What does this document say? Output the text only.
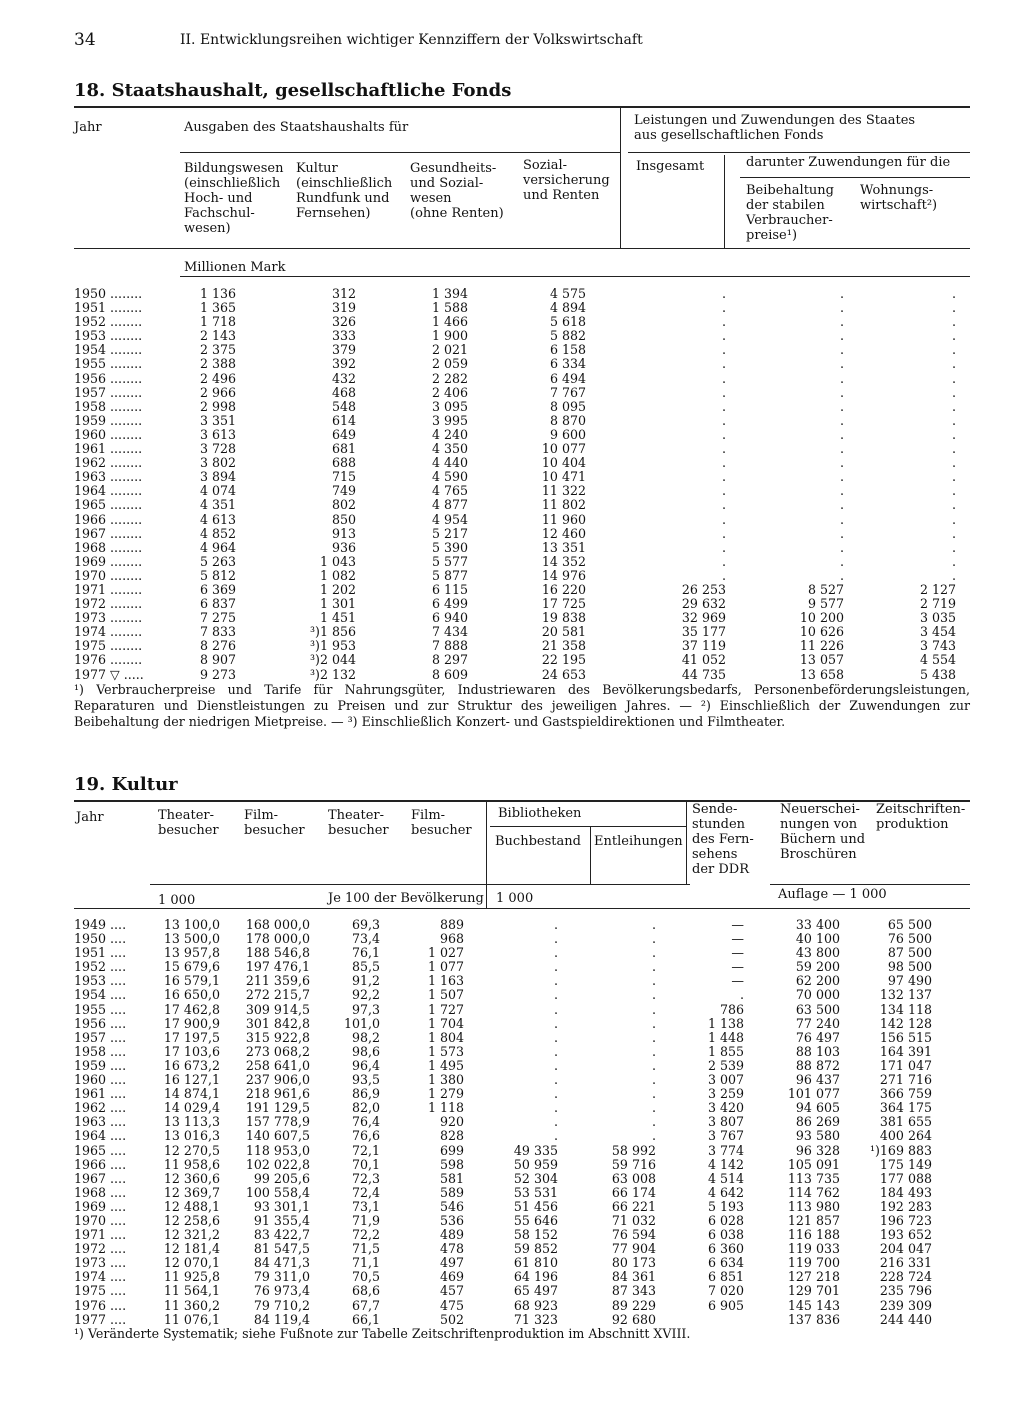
34	II. Entwicklungsreihen wichtiger Kennziffern der Volkswirtschaft
18. Staatshaushalt, gesellschaftliche Fonds
Jahr	Ausgaben des Staatshaushalts für	Leistungen und Zuwendungen des Staates
aus gesellschaftlichen Fonds
Bildungswesen
(einschließlich
Hoch- und
Fachschul-
wesen)
Kultur
(einschließlich
Rundfunk und
Fernsehen)
Gesundheits-
und Sozial-
wesen
(ohne Renten)
Sozial-
versicherung
und Renten
Insgesamt	darunter Zuwendungen für die
Beibehaltung
der stabilen
Verbraucher-
preise¹)
Wohnungs-
wirtschaft²)
Millionen Mark
1950 ........	1 136	312	1 394	4 575	.	.	.
1951 ........	1 365	319	1 588	4 894	.	.	.
1952 ........	1 718	326	1 466	5 618	.	.	.
1953 ........	2 143	333	1 900	5 882	.	.	.
1954 ........	2 375	379	2 021	6 158	.	.	.
1955 ........	2 388	392	2 059	6 334	.	.	.
1956 ........	2 496	432	2 282	6 494	.	.	.
1957 ........	2 966	468	2 406	7 767	.	.	.
1958 ........	2 998	548	3 095	8 095	.	.	.
1959 ........	3 351	614	3 995	8 870	.	.	.
1960 ........	3 613	649	4 240	9 600	.	.	.
1961 ........	3 728	681	4 350	10 077	.	.	.
1962 ........	3 802	688	4 440	10 404	.	.	.
1963 ........	3 894	715	4 590	10 471	.	.	.
1964 ........	4 074	749	4 765	11 322	.	.	.
1965 ........	4 351	802	4 877	11 802	.	.	.
1966 ........	4 613	850	4 954	11 960	.	.	.
1967 ........	4 852	913	5 217	12 460	.	.	.
1968 ........	4 964	936	5 390	13 351	.	.	.
1969 ........	5 263	1 043	5 577	14 352	.	.	.
1970 ........	5 812	1 082	5 877	14 976	.	.	.
1971 ........	6 369	1 202	6 115	16 220	26 253	8 527	2 127
1972 ........	6 837	1 301	6 499	17 725	29 632	9 577	2 719
1973 ........	7 275	1 451	6 940	19 838	32 969	10 200	3 035
1974 ........	7 833	³)1 856	7 434	20 581	35 177	10 626	3 454
1975 ........	8 276	³)1 953	7 888	21 358	37 119	11 226	3 743
1976 ........	8 907	³)2 044	8 297	22 195	41 052	13 057	4 554
1977 ▽ .....	9 273	³)2 132	8 609	24 653	44 735	13 658	5 438

¹) Verbraucherpreise und Tarife für Nahrungsgüter, Industriewaren des Bevölkerungsbedarfs, Personenbeförderungsleistungen, Reparaturen und Dienstleistungen zu Preisen und zur Struktur des jeweiligen Jahres. — ²) Einschließlich der Zuwendungen zur Beibehaltung der niedrigen Mietpreise. — ³) Einschließlich Konzert- und Gastspieldirektionen und Filmtheater.

19. Kultur
Jahr	Theater-
besucher
Film-
besucher
Theater-
besucher
Film-
besucher
Bibliotheken
Buchbestand Entleihungen
Sende-
stunden
des Fern-
sehens
der DDR
Neuerschei-
nungen von
Büchern und
Broschüren
Zeitschriften-
produktion
1 000	Je 100 der Bevölkerung 1 000	Auflage — 1 000
1949 ....	13 100,0	168 000,0	69,3	889	.	.	—	33 400	65 500
1950 ....	13 500,0	178 000,0	73,4	968	.	.	—	40 100	76 500
1951 ....	13 957,8	188 546,8	76,1	1 027	.	.	—	43 800	87 500
1952 ....	15 679,6	197 476,1	85,5	1 077	.	.	—	59 200	98 500
1953 ....	16 579,1	211 359,6	91,2	1 163	.	.	—	62 200	97 490
1954 ....	16 650,0	272 215,7	92,2	1 507	.	.	.	70 000	132 137
1955 ....	17 462,8	309 914,5	97,3	1 727	.	.	786	63 500	134 118
1956 ....	17 900,9	301 842,8	101,0	1 704	.	.	1 138	77 240	142 128
1957 ....	17 197,5	315 922,8	98,2	1 804	.	.	1 448	76 497	156 515
1958 ....	17 103,6	273 068,2	98,6	1 573	.	.	1 855	88 103	164 391
1959 ....	16 673,2	258 641,0	96,4	1 495	.	.	2 539	88 872	171 047
1960 ....	16 127,1	237 906,0	93,5	1 380	.	.	3 007	96 437	271 716
1961 ....	14 874,1	218 961,6	86,9	1 279	.	.	3 259	101 077	366 759
1962 ....	14 029,4	191 129,5	82,0	1 118	.	.	3 420	94 605	364 175
1963 ....	13 113,3	157 778,9	76,4	920	.	.	3 807	86 269	381 655
1964 ....	13 016,3	140 607,5	76,6	828	.	.	3 767	93 580	400 264
1965 ....	12 270,5	118 953,0	72,1	699	49 335	58 992	3 774	96 328	¹)169 883
1966 ....	11 958,6	102 022,8	70,1	598	50 959	59 716	4 142	105 091	175 149
1967 ....	12 360,6	99 205,6	72,3	581	52 304	63 008	4 514	113 735	177 088
1968 ....	12 369,7	100 558,4	72,4	589	53 531	66 174	4 642	114 762	184 493
1969 ....	12 488,1	93 301,1	73,1	546	51 456	66 221	5 193	113 980	192 283
1970 ....	12 258,6	91 355,4	71,9	536	55 646	71 032	6 028	121 857	196 723
1971 ....	12 321,2	83 422,7	72,2	489	58 152	76 594	6 038	116 188	193 652
1972 ....	12 181,4	81 547,5	71,5	478	59 852	77 904	6 360	119 033	204 047
1973 ....	12 070,1	84 471,3	71,1	497	61 810	80 173	6 634	119 700	216 331
1974 ....	11 925,8	79 311,0	70,5	469	64 196	84 361	6 851	127 218	228 724
1975 ....	11 564,1	76 973,4	68,6	457	65 497	87 343	7 020	129 701	235 796
1976 ....	11 360,2	79 710,2	67,7	475	68 923	89 229	6 905	145 143	239 309
1977 ....	11 076,1	84 119,4	66,1	502	71 323	92 680		137 836	244 440

¹) Veränderte Systematik; siehe Fußnote zur Tabelle Zeitschriftenproduktion im Abschnitt XVIII.
